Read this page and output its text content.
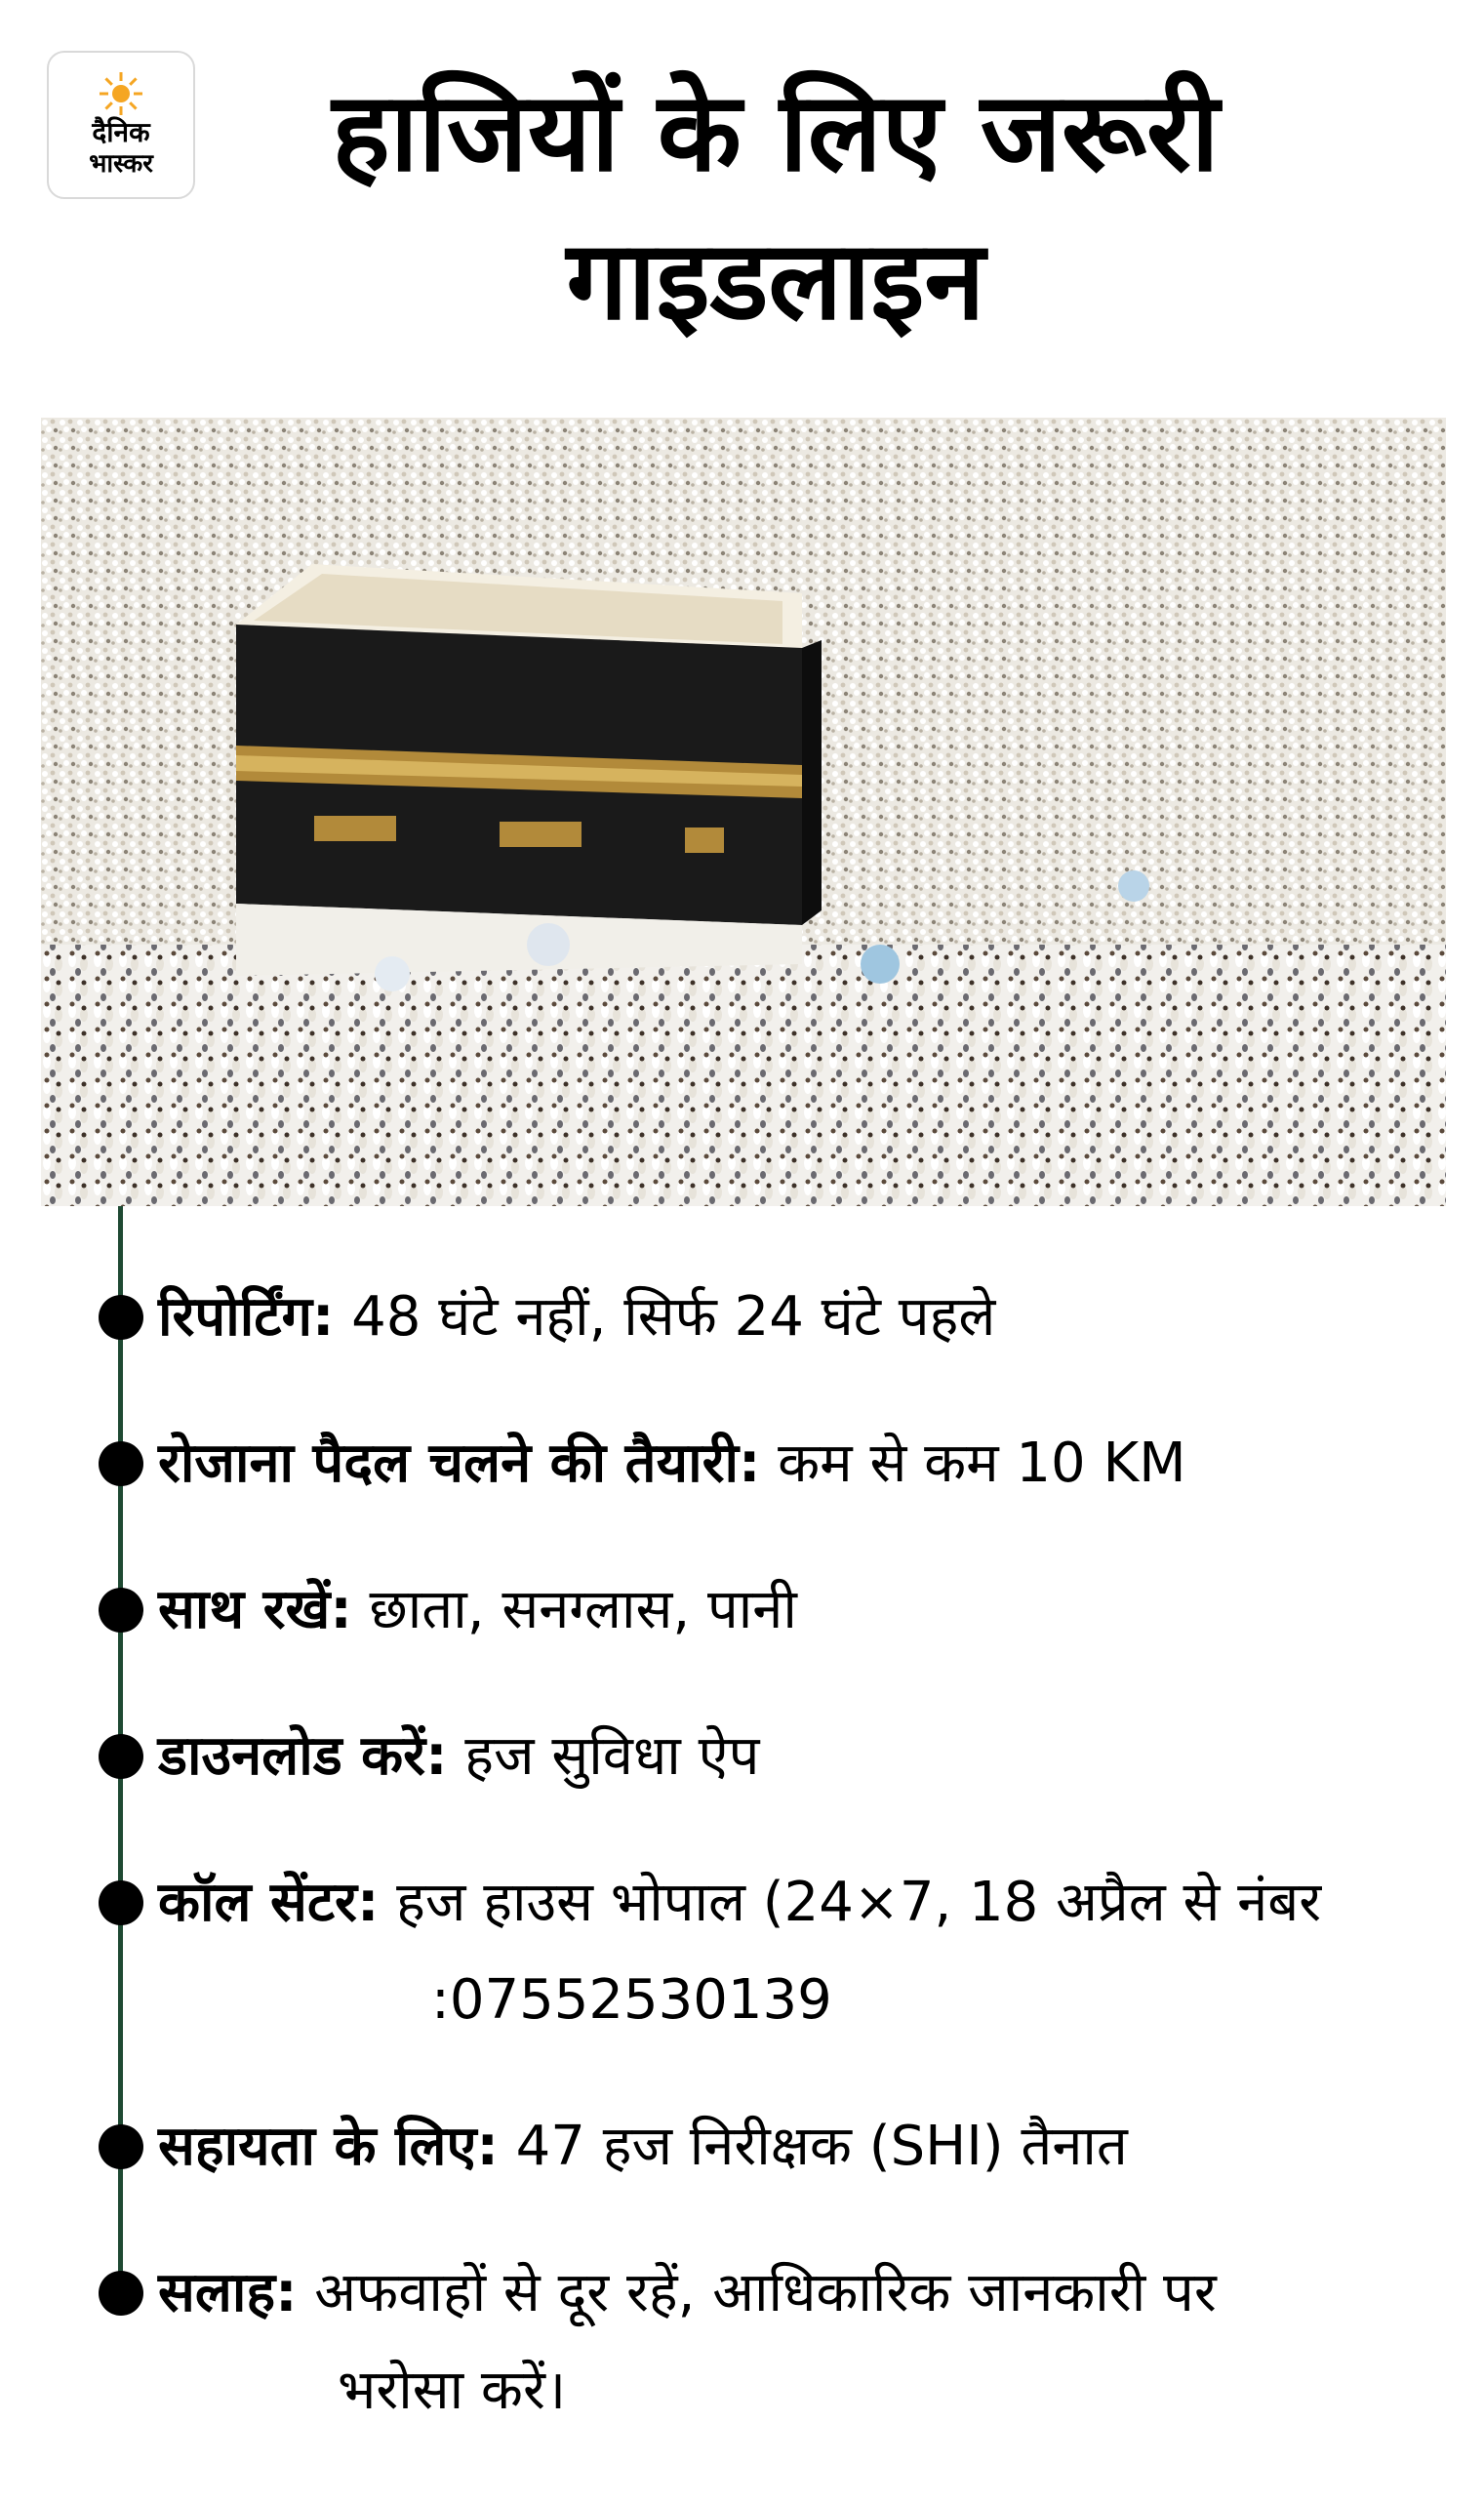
दैनिक
भास्कर	हाजियों के लिए जरूरी
गाइडलाइन

रिपोर्टिंग: 48 घंटे नहीं, सिर्फ 24 घंटे पहले

रोजाना पैदल चलने की तैयारी: कम से कम 10 KM

साथ रखें: छाता, सनग्लास, पानी

डाउनलोड करें: हज सुविधा ऐप

कॉल सेंटर: हज हाउस भोपाल (24×7, 18 अप्रैल से नंबर

:07552530139

सहायता के लिए: 47 हज निरीक्षक (SHI) तैनात

सलाह: अफवाहों से दूर रहें, आधिकारिक जानकारी पर

भरोसा करें।
